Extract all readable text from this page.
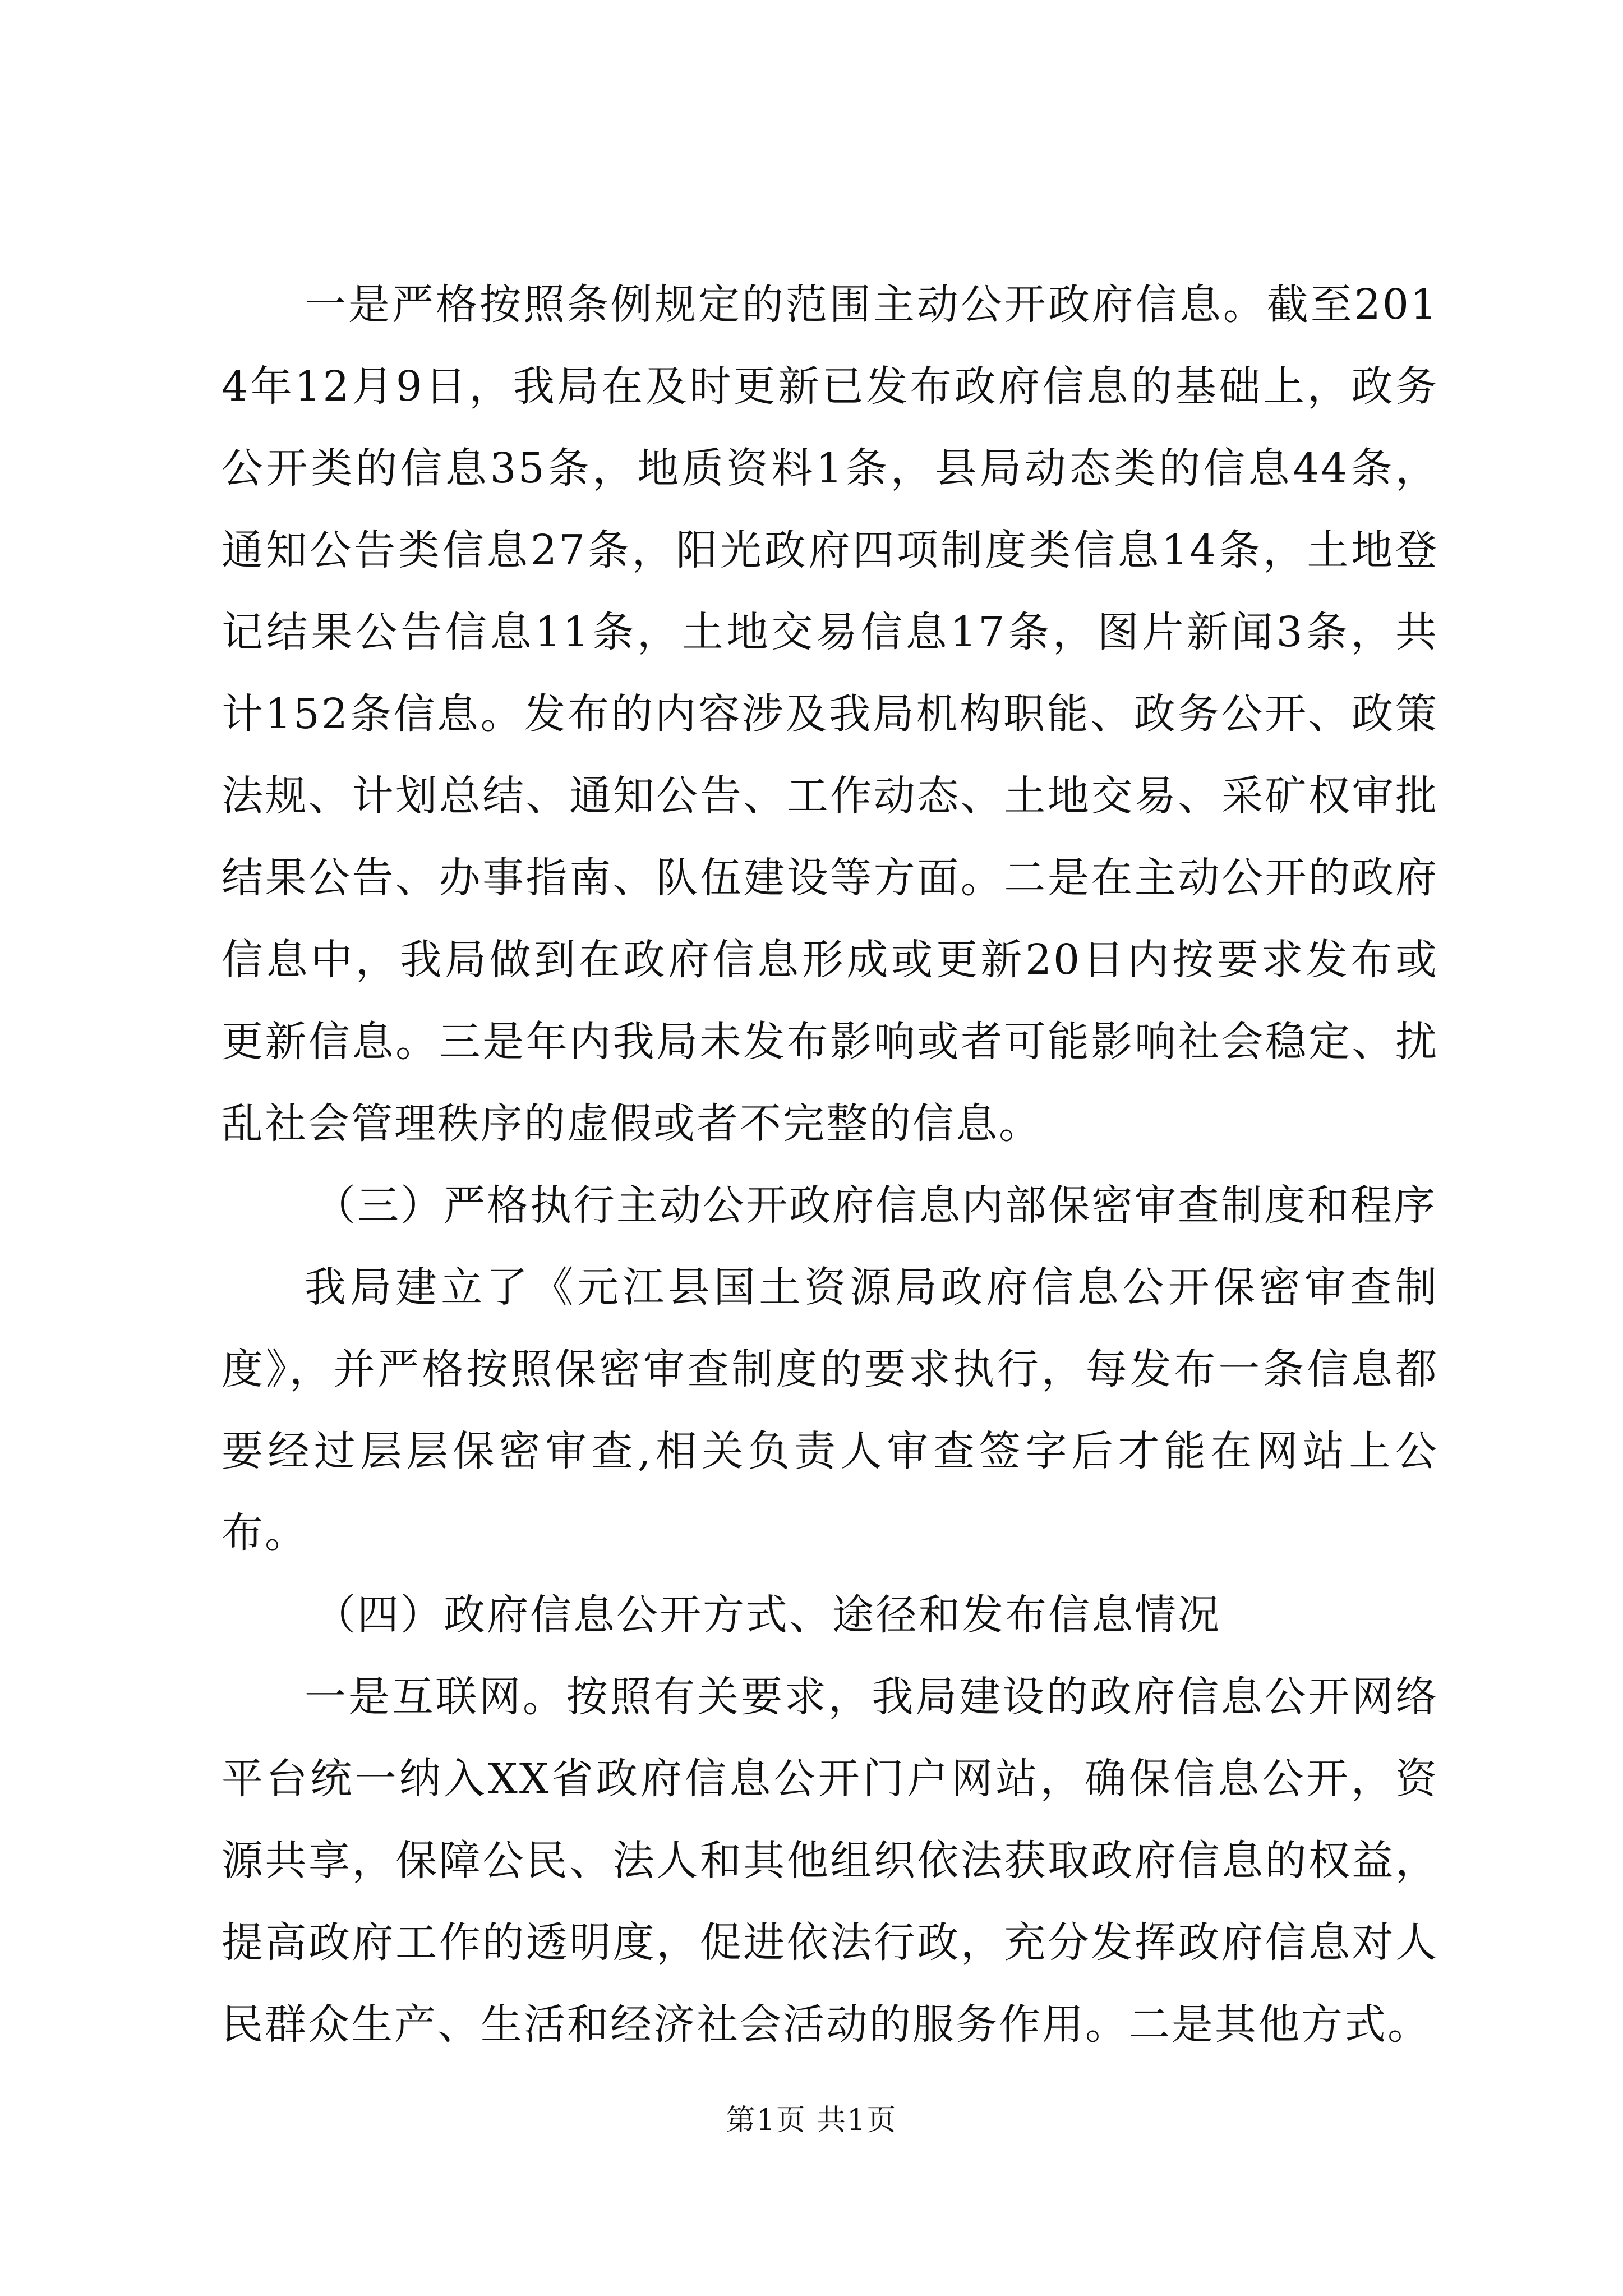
一是严格按照条例规定的范围主动公开政府信息。截至2014年12月9日，我局在及时更新已发布政府信息的基础上，政务公开类的信息35条，地质资料1条，县局动态类的信息44条，通知公告类信息27条，阳光政府四项制度类信息14条，土地登记结果公告信息11条，土地交易信息17条，图片新闻3条，共计152条信息。发布的内容涉及我局机构职能、政务公开、政策法规、计划总结、通知公告、工作动态、土地交易、采矿权审批结果公告、办事指南、队伍建设等方面。二是在主动公开的政府信息中，我局做到在政府信息形成或更新20日内按要求发布或更新信息。三是年内我局未发布影响或者可能影响社会稳定、扰乱社会管理秩序的虚假或者不完整的信息。

（三）严格执行主动公开政府信息内部保密审查制度和程序

我局建立了《元江县国土资源局政府信息公开保密审查制度》，并严格按照保密审查制度的要求执行，每发布一条信息都要经过层层保密审查,相关负责人审查签字后才能在网站上公布。

（四）政府信息公开方式、途径和发布信息情况

一是互联网。按照有关要求，我局建设的政府信息公开网络平台统一纳入XX省政府信息公开门户网站，确保信息公开，资源共享，保障公民、法人和其他组织依法获取政府信息的权益，提高政府工作的透明度，促进依法行政，充分发挥政府信息对人民群众生产、生活和经济社会活动的服务作用。二是其他方式。

第1页 共1页
